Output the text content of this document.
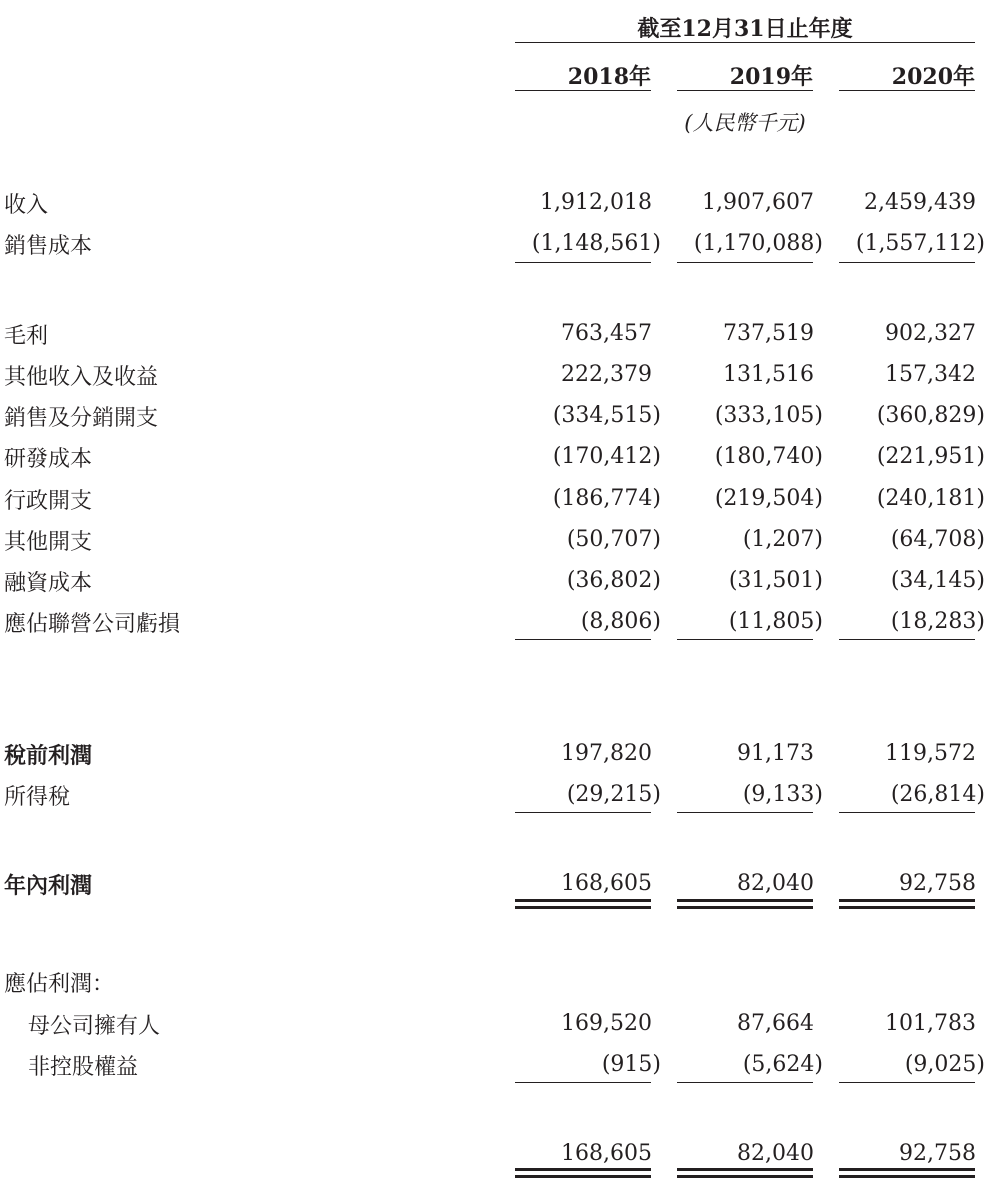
截至12月31日止年度
2018年	2019年	2020年
(人民幣千元)
收入	1,912,018	1,907,607	2,459,439
銷售成本	(1,148,561)	(1,170,088)	(1,557,112)
毛利	763,457	737,519	902,327
其他收入及收益	222,379	131,516	157,342
銷售及分銷開支	(334,515)	(333,105)	(360,829)
研發成本	(170,412)	(180,740)	(221,951)
行政開支	(186,774)	(219,504)	(240,181)
其他開支	(50,707)	(1,207)	(64,708)
融資成本	(36,802)	(31,501)	(34,145)
應佔聯營公司虧損	(8,806)	(11,805)	(18,283)
稅前利潤	197,820	91,173	119,572
所得稅	(29,215)	(9,133)	(26,814)
年內利潤	168,605	82,040	92,758
應佔利潤：
母公司擁有人	169,520	87,664	101,783
非控股權益	(915)	(5,624)	(9,025)
168,605	82,040	92,758
